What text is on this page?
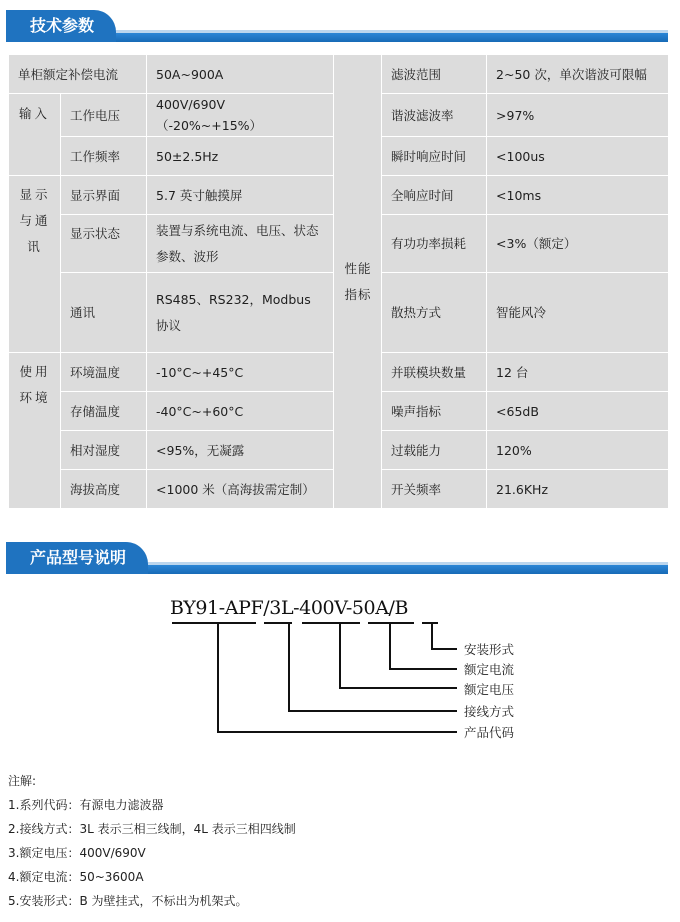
技术参数
单柜额定补偿电流		50A~900A	性能指标	滤波范围	2~50 次，单次谐波可限幅
输入	工作电压	400V/690V（-20%~+15%）		谐波滤波率	>97%
	工作频率	50±2.5Hz		瞬时响应时间	<100us
显示与通讯	显示界面	5.7 英寸触摸屏		全响应时间	<10ms
	显示状态	装置与系统电流、电压、状态参数、波形		有功功率损耗	<3%（额定）
	通讯	RS485、RS232，Modbus 协议		散热方式	智能风冷
使用环境	环境温度	-10°C~+45°C		并联模块数量	12 台
	存储温度	-40°C~+60°C		噪声指标	<65dB
	相对湿度	<95%，无凝露		过载能力	120%
	海拔高度	<1000 米（高海拔需定制）		开关频率	21.6KHz
产品型号说明
BY91-APF/3L-400V-50A/B
安装形式
额定电流
额定电压
接线方式
产品代码
注解:
1.系列代码：有源电力滤波器
2.接线方式：3L 表示三相三线制，4L 表示三相四线制
3.额定电压：400V/690V
4.额定电流：50~3600A
5.安装形式：B 为壁挂式，不标出为机架式。
